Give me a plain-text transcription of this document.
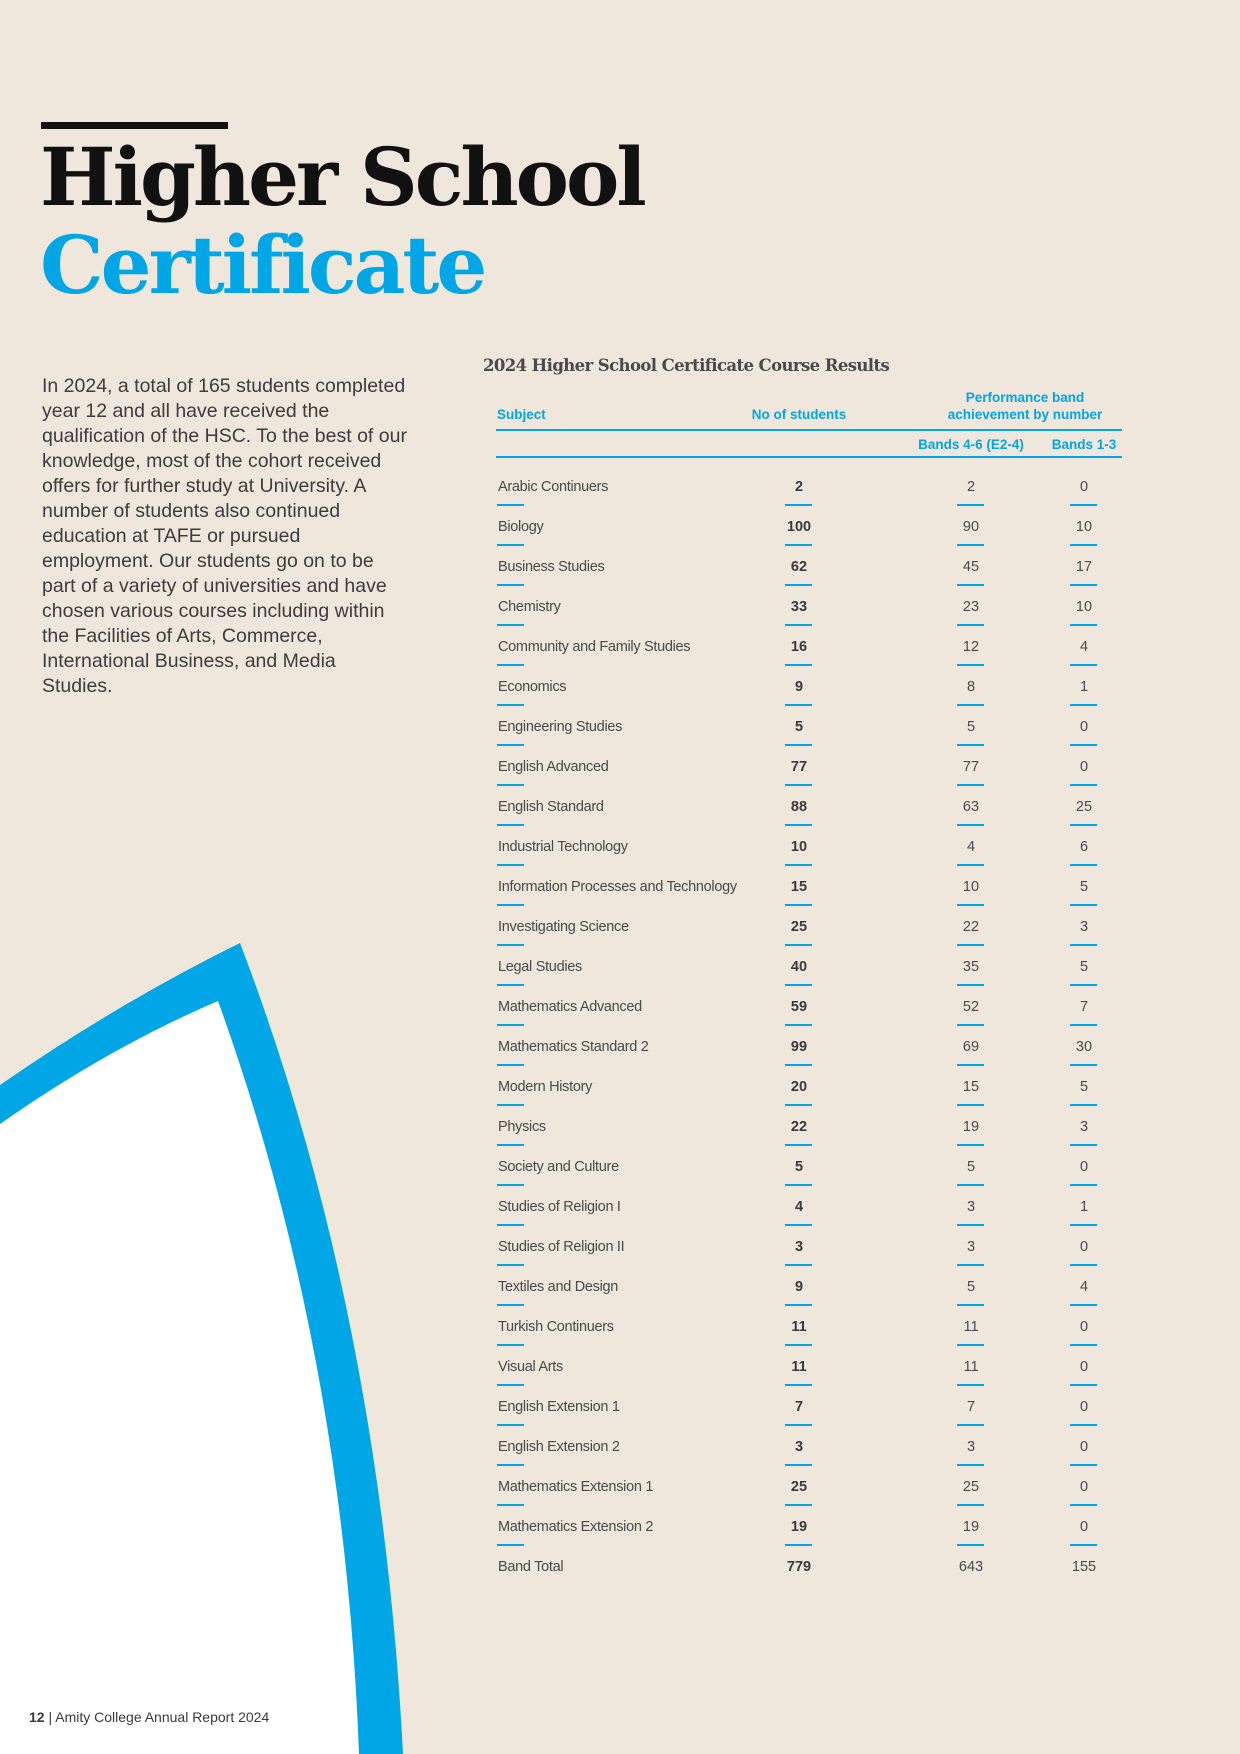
Higher School
Certificate

In 2024, a total of 165 students completed year 12 and all have received the qualification of the HSC. To the best of our knowledge, most of the cohort received offers for further study at University. A number of students also continued education at TAFE or pursued employment. Our students go on to be part of a variety of universities and have chosen various courses including within the Facilities of Arts, Commerce, International Business, and Media Studies.

2024 Higher School Certificate Course Results
Subject	No of students
Performance band achievement by number
Bands 4-6 (E2-4)	Bands 1-3
Arabic Continuers	2	2	0
Biology	100	90	10
Business Studies	62	45	17
Chemistry	33	23	10
Community and Family Studies	16	12	4
Economics	9	8	1
Engineering Studies	5	5	0
English Advanced	77	77	0
English Standard	88	63	25
Industrial Technology	10	4	6
Information Processes and Technology	15	10	5
Investigating Science	25	22	3
Legal Studies	40	35	5
Mathematics Advanced	59	52	7
Mathematics Standard 2	99	69	30
Modern History	20	15	5
Physics	22	19	3
Society and Culture	5	5	0
Studies of Religion I	4	3	1
Studies of Religion II	3	3	0
Textiles and Design	9	5	4
Turkish Continuers	11	11	0
Visual Arts	11	11	0
English Extension 1	7	7	0
English Extension 2	3	3	0
Mathematics Extension 1	25	25	0
Mathematics Extension 2	19	19	0
Band Total	779	643	155
12 | Amity College Annual Report 2024
